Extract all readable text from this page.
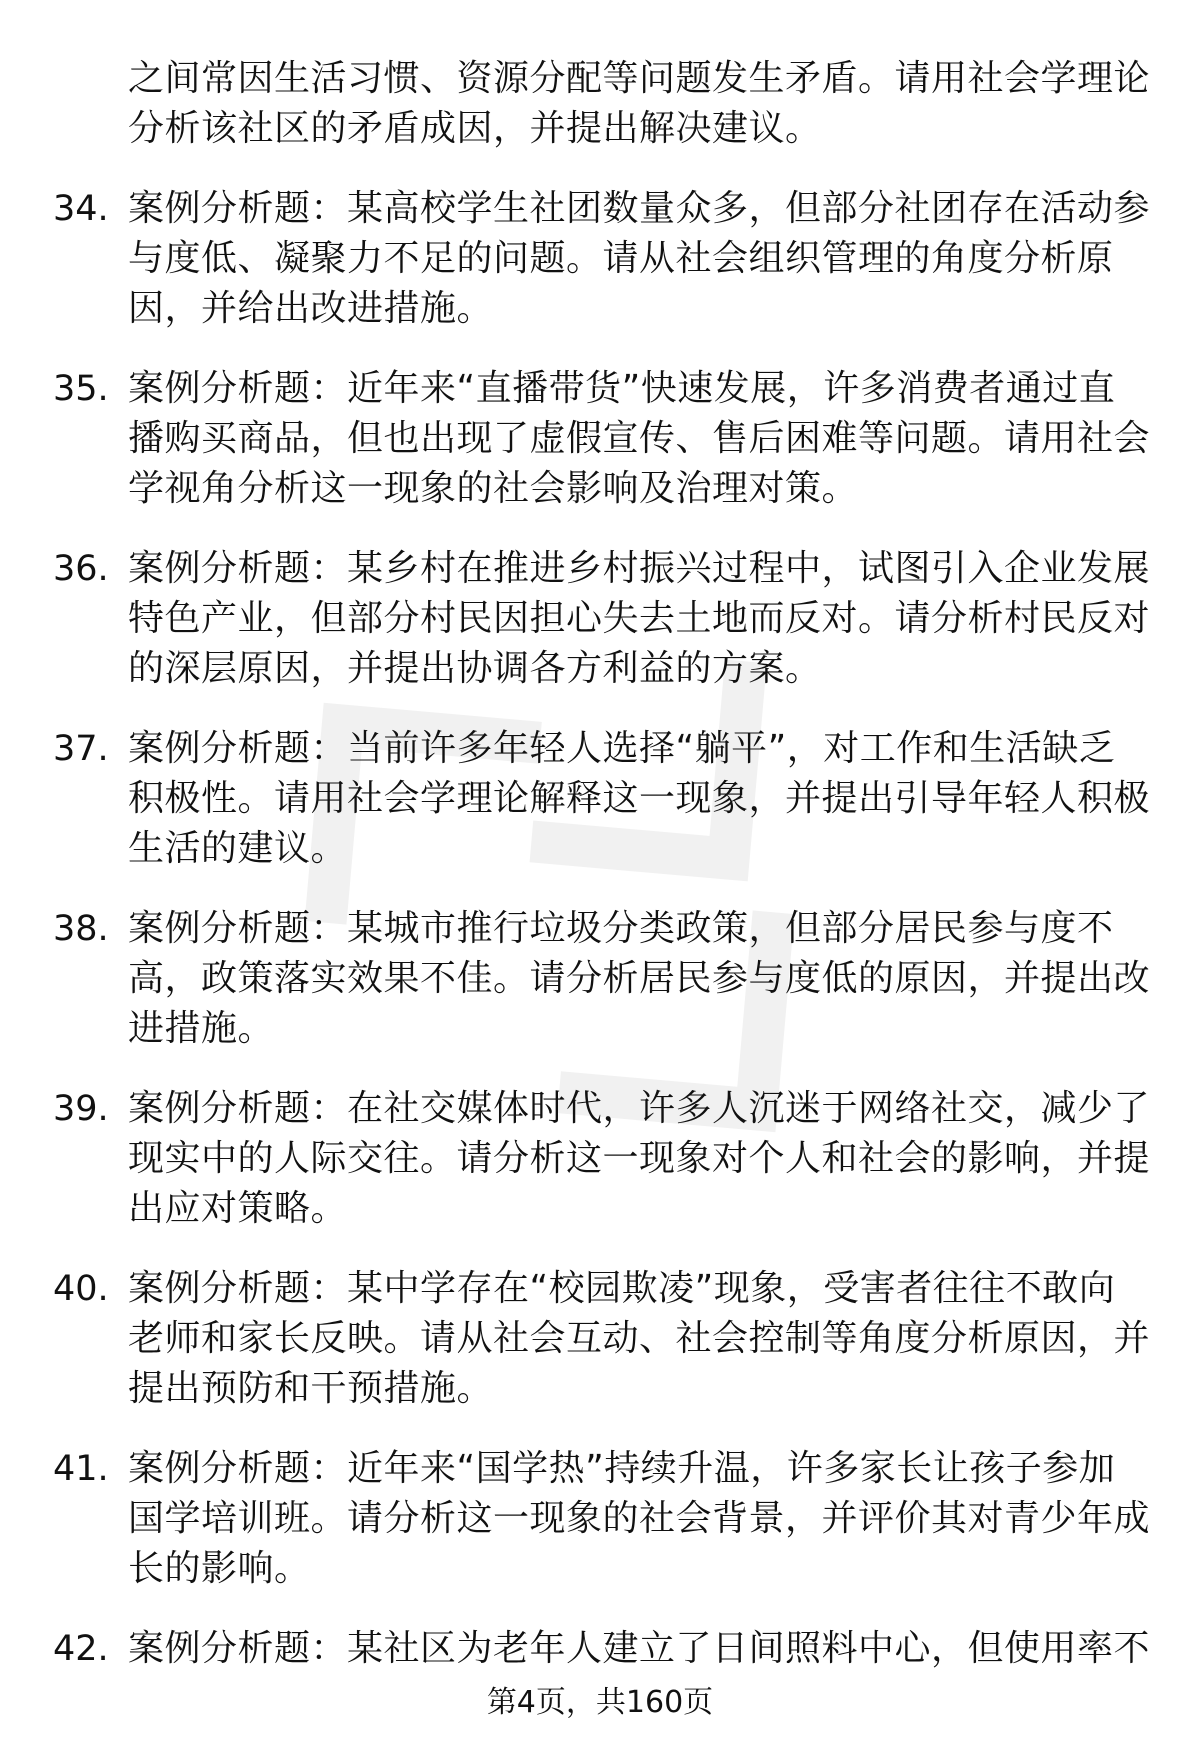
之间常因生活习惯、资源分配等问题发生矛盾。请用社会学理论
分析该社区的矛盾成因，并提出解决建议。
34. 案例分析题：某高校学生社团数量众多，但部分社团存在活动参
与度低、凝聚力不足的问题。请从社会组织管理的角度分析原
因，并给出改进措施。
35. 案例分析题：近年来“直播带货”快速发展，许多消费者通过直
播购买商品，但也出现了虚假宣传、售后困难等问题。请用社会
学视角分析这一现象的社会影响及治理对策。
36. 案例分析题：某乡村在推进乡村振兴过程中，试图引入企业发展
特色产业，但部分村民因担心失去土地而反对。请分析村民反对
的深层原因，并提出协调各方利益的方案。
37. 案例分析题：当前许多年轻人选择“躺平”，对工作和生活缺乏
积极性。请用社会学理论解释这一现象，并提出引导年轻人积极
生活的建议。
38. 案例分析题：某城市推行垃圾分类政策，但部分居民参与度不
高，政策落实效果不佳。请分析居民参与度低的原因，并提出改
进措施。
39. 案例分析题：在社交媒体时代，许多人沉迷于网络社交，减少了
现实中的人际交往。请分析这一现象对个人和社会的影响，并提
出应对策略。
40. 案例分析题：某中学存在“校园欺凌”现象，受害者往往不敢向
老师和家长反映。请从社会互动、社会控制等角度分析原因，并
提出预防和干预措施。
41. 案例分析题：近年来“国学热”持续升温，许多家长让孩子参加
国学培训班。请分析这一现象的社会背景，并评价其对青少年成
长的影响。
42. 案例分析题：某社区为老年人建立了日间照料中心，但使用率不
第4页，共160页
